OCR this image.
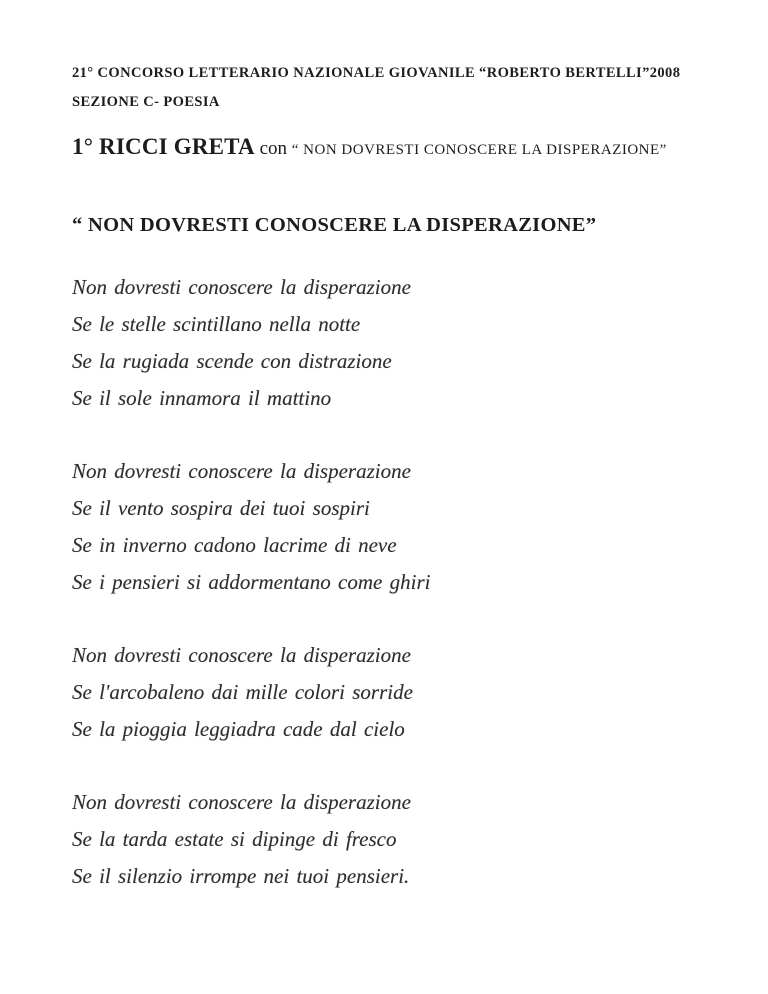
21° CONCORSO LETTERARIO NAZIONALE GIOVANILE “ROBERTO BERTELLI”2008
SEZIONE C- POESIA
1° RICCI GRETA con “ NON DOVRESTI CONOSCERE LA DISPERAZIONE”
“ NON DOVRESTI CONOSCERE LA DISPERAZIONE”
Non dovresti conoscere la disperazione
Se le stelle scintillano nella notte
Se la rugiada scende con distrazione
Se il sole innamora il mattino
Non dovresti conoscere la disperazione
Se il vento sospira dei tuoi sospiri
Se in inverno cadono lacrime di neve
Se i pensieri si addormentano come ghiri
Non dovresti conoscere la disperazione
Se l'arcobaleno dai mille colori sorride
Se la pioggia leggiadra cade dal cielo
Non dovresti conoscere la disperazione
Se la tarda estate si dipinge di fresco
Se il silenzio irrompe nei tuoi pensieri.
